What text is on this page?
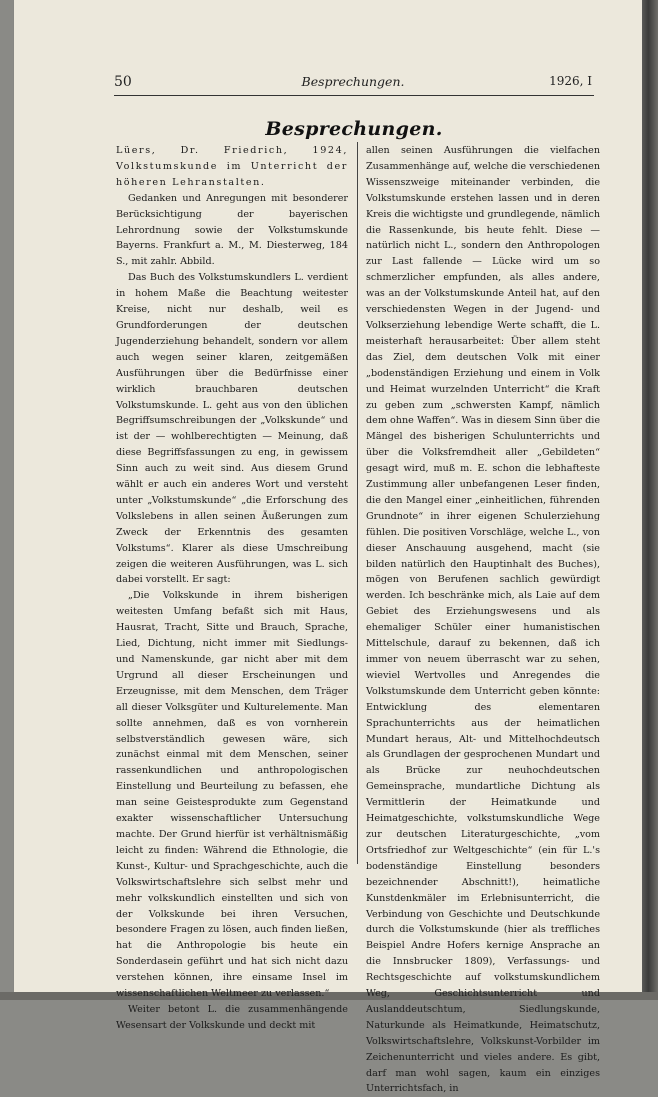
50	Besprechungen.	1926, I
Besprechungen.

Lüers, Dr. Friedrich, 1924, Volkstumskunde im Unterricht der höheren Lehranstalten.

Gedanken und Anregungen mit besonderer Berücksichtigung der bayerischen Lehrordnung sowie der Volkstumskunde Bayerns. Frankfurt a. M., M. Diesterweg, 184 S., mit zahlr. Abbild.

Das Buch des Volkstumskundlers L. verdient in hohem Maße die Beachtung weitester Kreise, nicht nur deshalb, weil es Grundforderungen der deutschen Jugenderziehung behandelt, sondern vor allem auch wegen seiner klaren, zeitgemäßen Ausführungen über die Bedürfnisse einer wirklich brauchbaren deutschen Volkstumskunde. L. geht aus von den üblichen Begriffsumschreibungen der „Volkskunde“ und ist der — wohlberechtigten — Meinung, daß diese Begriffsfassungen zu eng, in gewissem Sinn auch zu weit sind. Aus diesem Grund wählt er auch ein anderes Wort und versteht unter „Volkstumskunde“ „die Erforschung des Volkslebens in allen seinen Äußerungen zum Zweck der Erkenntnis des gesamten Volkstums“. Klarer als diese Umschreibung zeigen die weiteren Ausführungen, was L. sich dabei vorstellt. Er sagt:

„Die Volkskunde in ihrem bisherigen weitesten Umfang befaßt sich mit Haus, Hausrat, Tracht, Sitte und Brauch, Sprache, Lied, Dichtung, nicht immer mit Siedlungs- und Namenskunde, gar nicht aber mit dem Urgrund all dieser Erscheinungen und Erzeugnisse, mit dem Menschen, dem Träger all dieser Volksgüter und Kulturelemente. Man sollte annehmen, daß es von vornherein selbstverständlich gewesen wäre, sich zunächst einmal mit dem Menschen, seiner rassenkundlichen und anthropologischen Einstellung und Beurteilung zu befassen, ehe man seine Geistesprodukte zum Gegenstand exakter wissenschaftlicher Untersuchung machte. Der Grund hierfür ist verhältnismäßig leicht zu finden: Während die Ethnologie, die Kunst-, Kultur- und Sprachgeschichte, auch die Volkswirtschaftslehre sich selbst mehr und mehr volkskundlich einstellten und sich von der Volkskunde bei ihren Versuchen, besondere Fragen zu lösen, auch finden ließen, hat die Anthropologie bis heute ein Sonderdasein geführt und hat sich nicht dazu verstehen können, ihre einsame Insel im wissenschaftlichen Weltmeer zu verlassen.“

Weiter betont L. die zusammenhängende Wesensart der Volkskunde und deckt mit

allen seinen Ausführungen die vielfachen Zusammenhänge auf, welche die verschiedenen Wissenszweige miteinander verbinden, die Volkstumskunde erstehen lassen und in deren Kreis die wichtigste und grundlegende, nämlich die Rassenkunde, bis heute fehlt. Diese — natürlich nicht L., sondern den Anthropologen zur Last fallende — Lücke wird um so schmerzlicher empfunden, als alles andere, was an der Volkstumskunde Anteil hat, auf den verschiedensten Wegen in der Jugend- und Volkserziehung lebendige Werte schafft, die L. meisterhaft herausarbeitet: Über allem steht das Ziel, dem deutschen Volk mit einer „bodenständigen Erziehung und einem in Volk und Heimat wurzelnden Unterricht“ die Kraft zu geben zum „schwersten Kampf, nämlich dem ohne Waffen“. Was in diesem Sinn über die Mängel des bisherigen Schulunterrichts und über die Volksfremdheit aller „Gebildeten“ gesagt wird, muß m. E. schon die lebhafteste Zustimmung aller unbefangenen Leser finden, die den Mangel einer „einheitlichen, führenden Grundnote“ in ihrer eigenen Schulerziehung fühlen. Die positiven Vorschläge, welche L., von dieser Anschauung ausgehend, macht (sie bilden natürlich den Hauptinhalt des Buches), mögen von Berufenen sachlich gewürdigt werden. Ich beschränke mich, als Laie auf dem Gebiet des Erziehungswesens und als ehemaliger Schüler einer humanistischen Mittelschule, darauf zu bekennen, daß ich immer von neuem überrascht war zu sehen, wieviel Wertvolles und Anregendes die Volkstumskunde dem Unterricht geben könnte: Entwicklung des elementaren Sprachunterrichts aus der heimatlichen Mundart heraus, Alt- und Mittelhochdeutsch als Grundlagen der gesprochenen Mundart und als Brücke zur neuhochdeutschen Gemeinsprache, mundartliche Dichtung als Vermittlerin der Heimatkunde und Heimatgeschichte, volkstumskundliche Wege zur deutschen Literaturgeschichte, „vom Ortsfriedhof zur Weltgeschichte“ (ein für L.'s bodenständige Einstellung besonders bezeichnender Abschnitt!), heimatliche Kunstdenkmäler im Erlebnisunterricht, die Verbindung von Geschichte und Deutschkunde durch die Volkstumskunde (hier als treffliches Beispiel Andre Hofers kernige Ansprache an die Innsbrucker 1809), Verfassungs- und Rechtsgeschichte auf volkstumskundlichem Weg, Geschichtsunterricht und Auslanddeutschtum, Siedlungskunde, Naturkunde als Heimatkunde, Heimatschutz, Volkswirtschaftslehre, Volkskunst-Vorbilder im Zeichenunterricht und vieles andere. Es gibt, darf man wohl sagen, kaum ein einziges Unterrichtsfach, in
